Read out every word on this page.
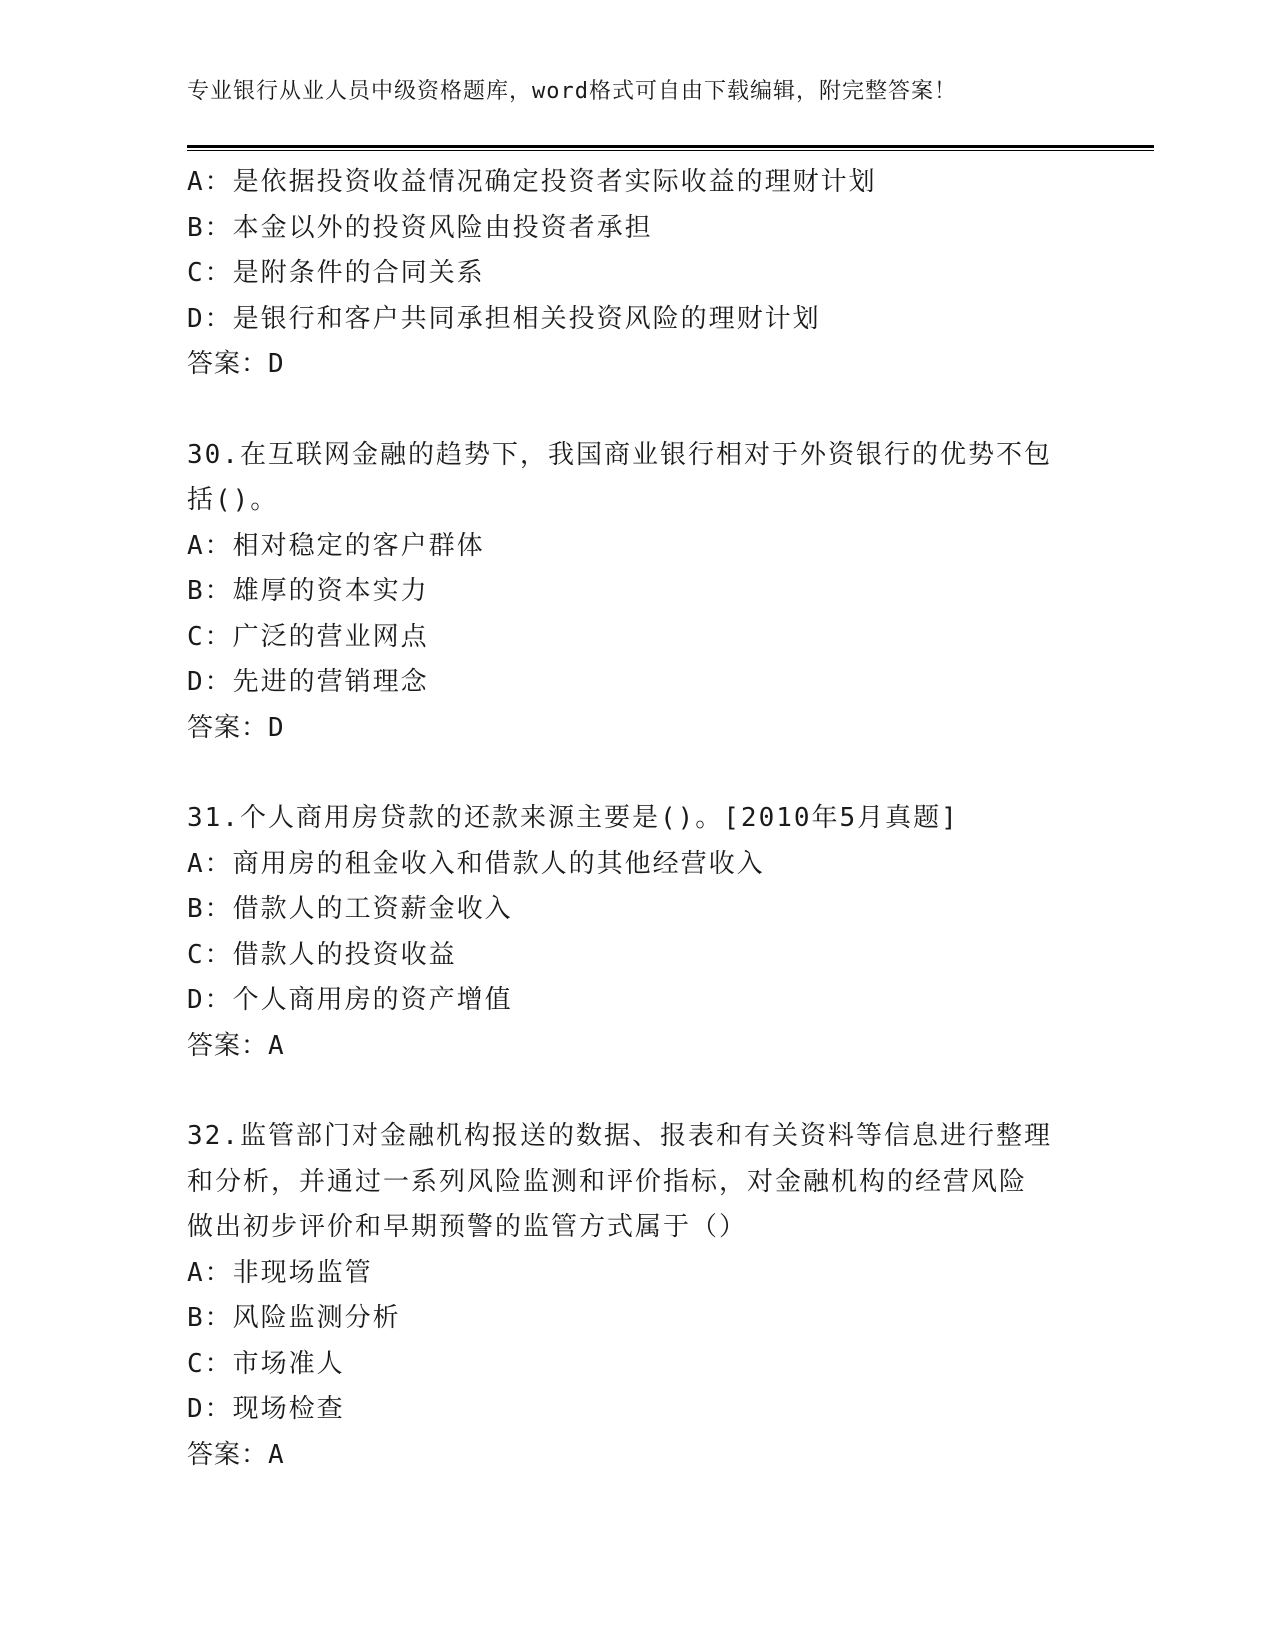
专业银行从业人员中级资格题库，word格式可自由下载编辑，附完整答案！
A：是依据投资收益情况确定投资者实际收益的理财计划
B：本金以外的投资风险由投资者承担
C：是附条件的合同关系
D：是银行和客户共同承担相关投资风险的理财计划
答案：D
30.在互联网金融的趋势下，我国商业银行相对于外资银行的优势不包
括()。
A：相对稳定的客户群体
B：雄厚的资本实力
C：广泛的营业网点
D：先进的营销理念
答案：D
31.个人商用房贷款的还款来源主要是()。[2010年5月真题]
A：商用房的租金收入和借款人的其他经营收入
B：借款人的工资薪金收入
C：借款人的投资收益
D：个人商用房的资产增值
答案：A
32.监管部门对金融机构报送的数据、报表和有关资料等信息进行整理
和分析，并通过一系列风险监测和评价指标，对金融机构的经营风险
做出初步评价和早期预警的监管方式属于（）
A：非现场监管
B：风险监测分析
C：市场准人
D：现场检查
答案：A
